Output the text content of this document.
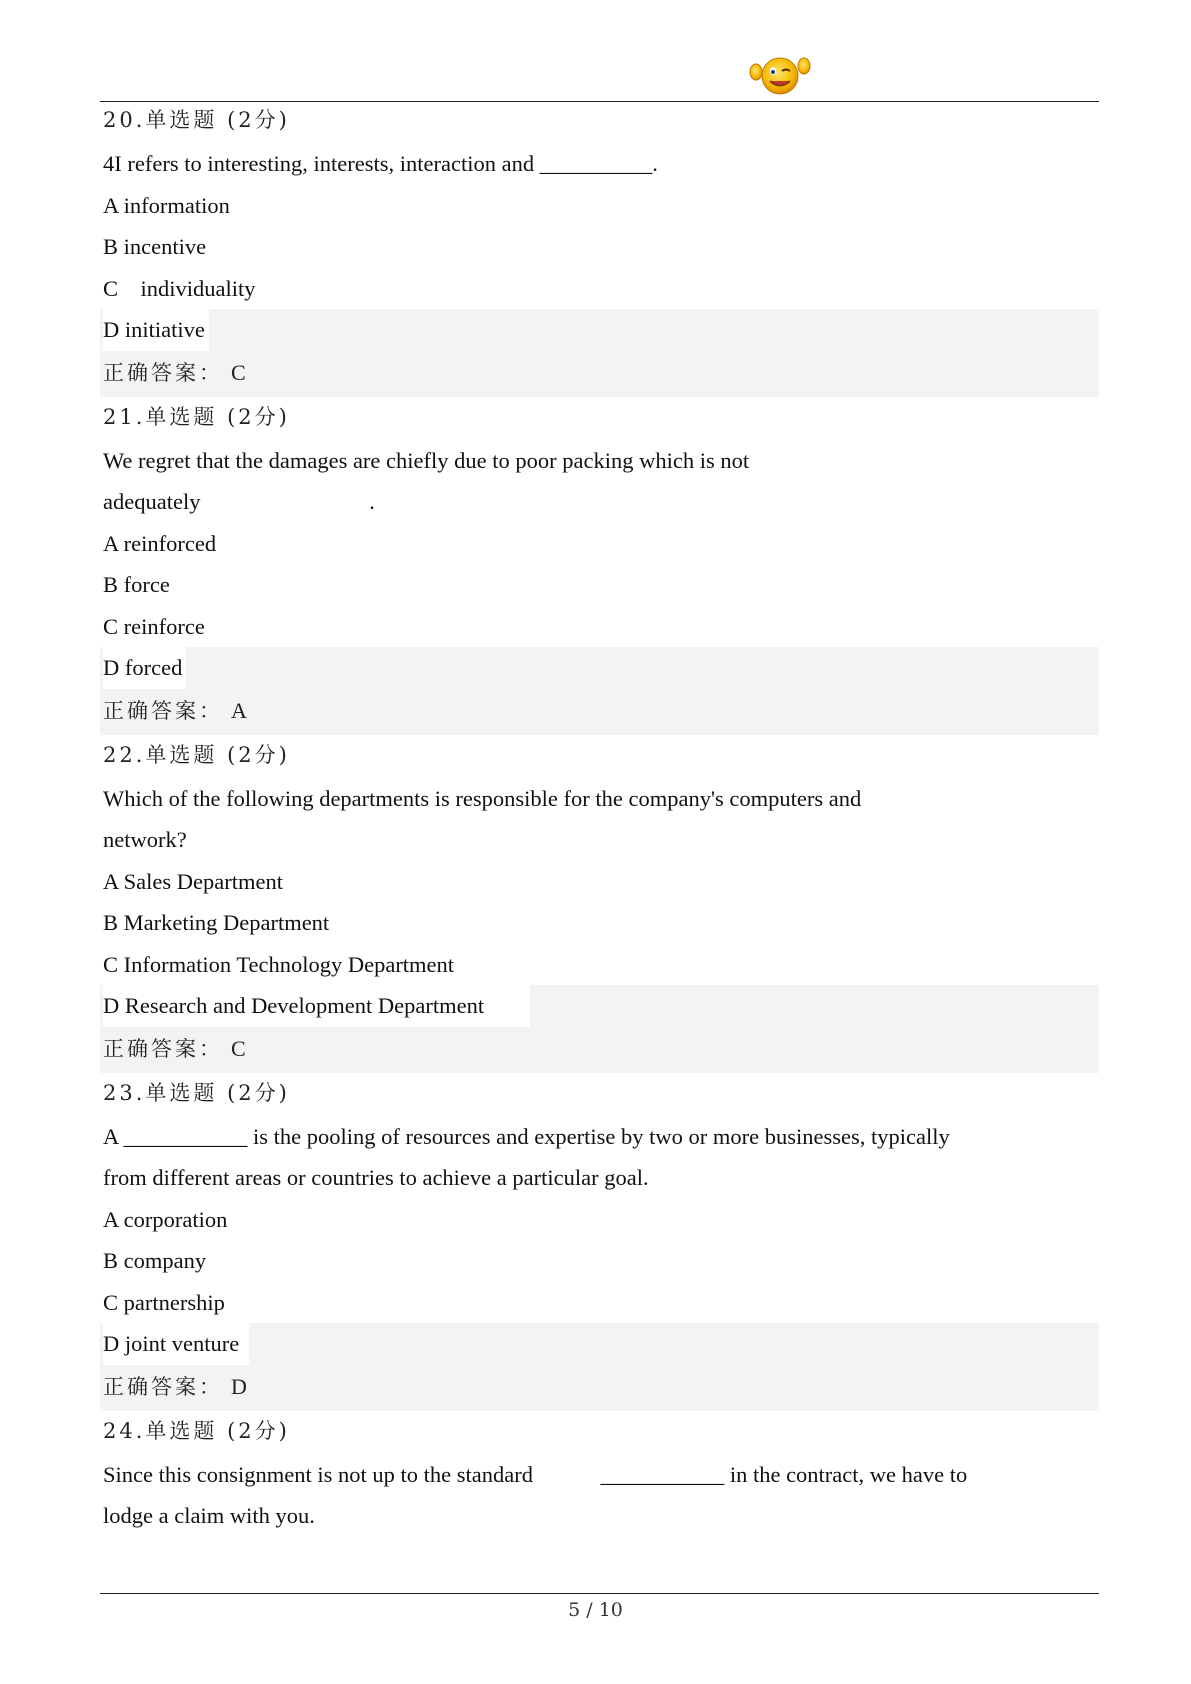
20.单选题 (2分)
4I refers to interesting, interests, interaction and __________.
A information
B incentive
C　individuality
D initiative
正确答案： C
21.单选题 (2分)
We regret that the damages are chiefly due to poor packing which is not
adequately                              .
A reinforced
B force
C reinforce
D forced
正确答案： A
22.单选题 (2分)
Which of the following departments is responsible for the company's computers and
network?
A Sales Department
B Marketing Department
C Information Technology Department
D Research and Development Department
正确答案： C
23.单选题 (2分)
A ___________ is the pooling of resources and expertise by two or more businesses, typically
from different areas or countries to achieve a particular goal.
A corporation
B company
C partnership
D joint venture
正确答案： D
24.单选题 (2分)
Since this consignment is not up to the standard            ___________ in the contract, we have to
lodge a claim with you.
5 / 10
